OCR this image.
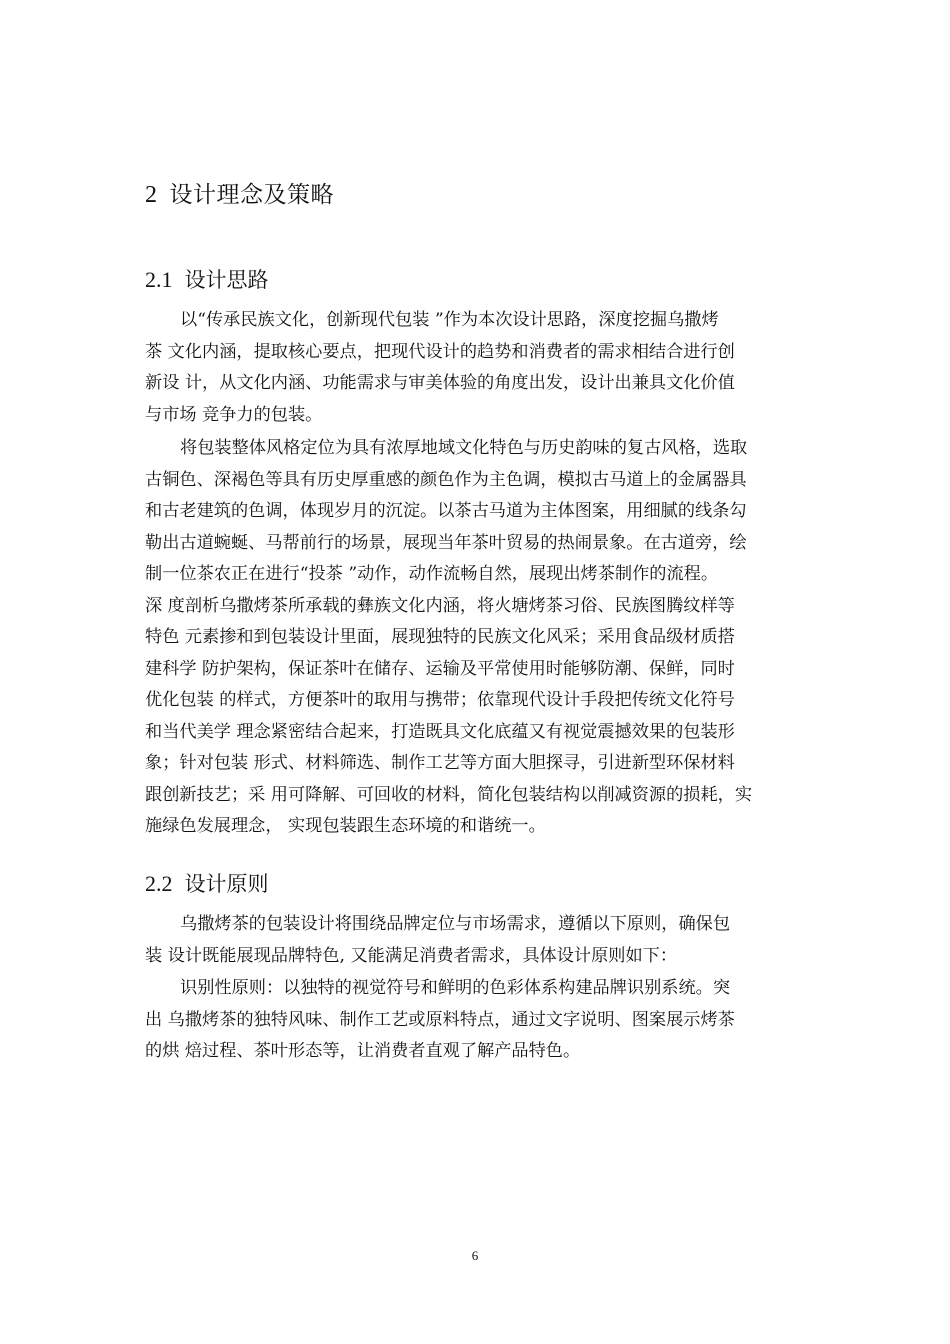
2 设计理念及策略
2.1 设计思路
以“传承民族文化，创新现代包装 ”作为本次设计思路，深度挖掘乌撒烤
茶 文化内涵，提取核心要点，把现代设计的趋势和消费者的需求相结合进行创
新设 计，从文化内涵、功能需求与审美体验的角度出发，设计出兼具文化价值
与市场 竞争力的包装。
将包装整体风格定位为具有浓厚地域文化特色与历史韵味的复古风格，选取
古铜色、深褐色等具有历史厚重感的颜色作为主色调，模拟古马道上的金属器具
和古老建筑的色调，体现岁月的沉淀。以茶古马道为主体图案，用细腻的线条勾
勒出古道蜿蜒、马帮前行的场景，展现当年茶叶贸易的热闹景象。在古道旁，绘
制一位茶农正在进行“投茶 ”动作，动作流畅自然，展现出烤茶制作的流程。
深 度剖析乌撒烤茶所承载的彝族文化内涵，将火塘烤茶习俗、民族图腾纹样等
特色 元素掺和到包装设计里面，展现独特的民族文化风采；采用食品级材质搭
建科学 防护架构，保证茶叶在储存、运输及平常使用时能够防潮、保鲜，同时
优化包装 的样式，方便茶叶的取用与携带；依靠现代设计手段把传统文化符号
和当代美学 理念紧密结合起来，打造既具文化底蕴又有视觉震撼效果的包装形
象；针对包装 形式、材料筛选、制作工艺等方面大胆探寻，引进新型环保材料
跟创新技艺；采 用可降解、可回收的材料，简化包装结构以削减资源的损耗，实
施绿色发展理念， 实现包装跟生态环境的和谐统一。
2.2 设计原则
乌撒烤茶的包装设计将围绕品牌定位与市场需求，遵循以下原则，确保包
装 设计既能展现品牌特色, 又能满足消费者需求，具体设计原则如下：
识别性原则：以独特的视觉符号和鲜明的色彩体系构建品牌识别系统。突
出 乌撒烤茶的独特风味、制作工艺或原料特点，通过文字说明、图案展示烤茶
的烘 焙过程、茶叶形态等，让消费者直观了解产品特色。
6
